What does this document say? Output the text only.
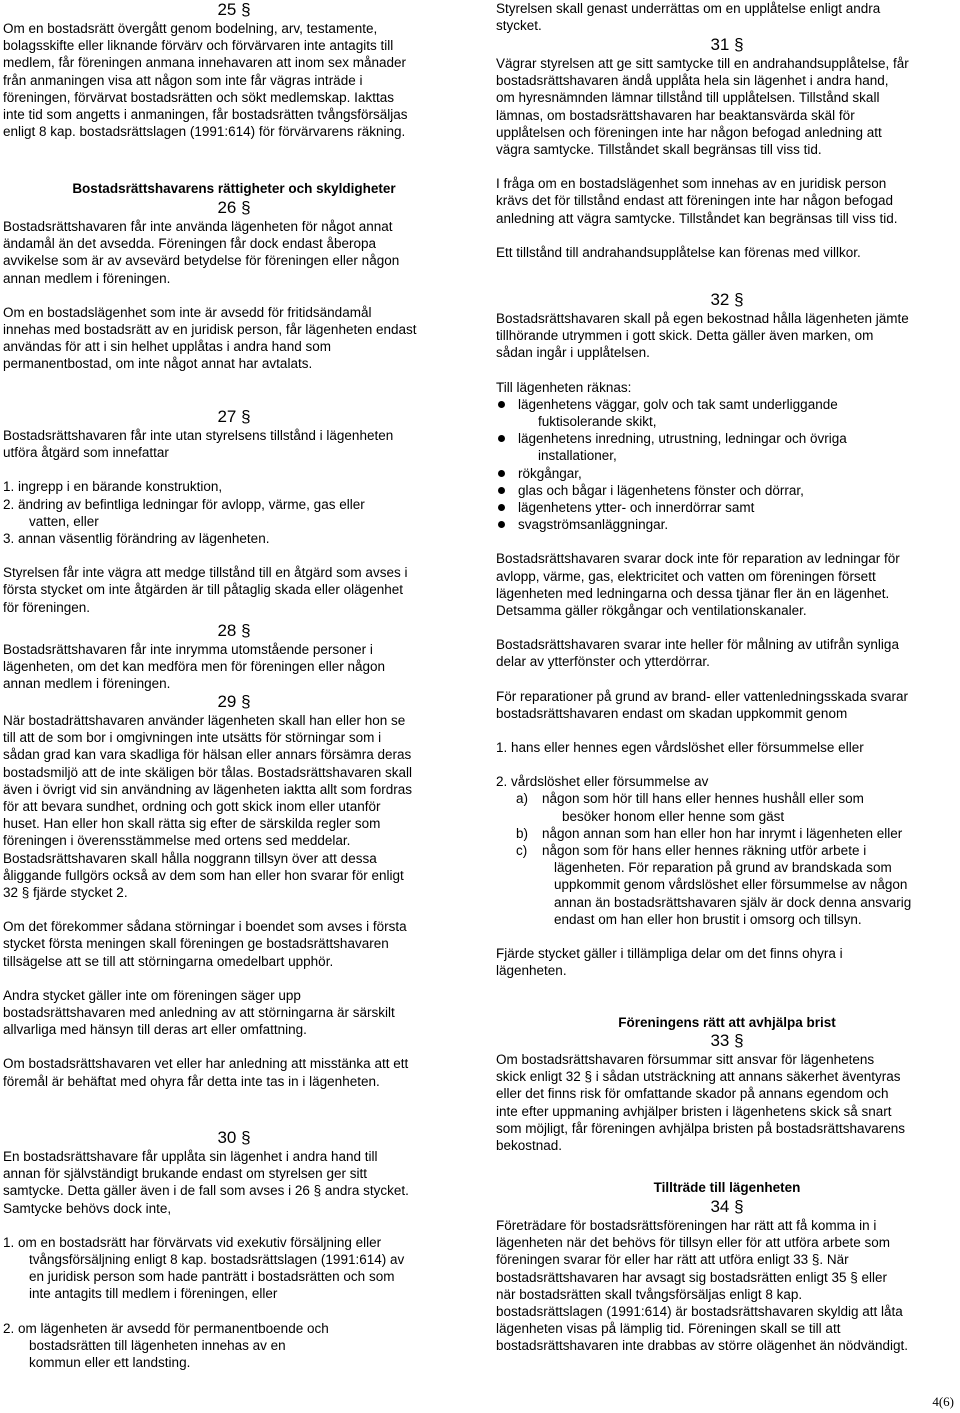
25 §
Om en bostadsrätt övergått genom bodelning, arv, testamente,
bolagsskifte eller liknande förvärv och förvärvaren inte antagits till
medlem, får föreningen anmana innehavaren att inom sex månader
från anmaningen visa att någon som inte får vägras inträde i
föreningen, förvärvat bostadsrätten och sökt medlemskap. Iakttas
inte tid som angetts i anmaningen, får bostadsrätten tvångsförsäljas
enligt 8 kap. bostadsrättslagen (1991:614) för förvärvarens räkning.
Bostadsrättshavarens rättigheter och skyldigheter
26 §
Bostadsrättshavaren får inte använda lägenheten för något annat
ändamål än det avsedda. Föreningen får dock endast åberopa
avvikelse som är av avsevärd betydelse för föreningen eller någon
annan medlem i föreningen.
Om en bostadslägenhet som inte är avsedd för fritidsändamål
innehas med bostadsrätt av en juridisk person, får lägenheten endast
användas för att i sin helhet upplåtas i andra hand som
permanentbostad, om inte något annat har avtalats.
27 §
Bostadsrättshavaren får inte utan styrelsens tillstånd i lägenheten
utföra åtgärd som innefattar
1. ingrepp i en bärande konstruktion,
2. ändring av befintliga ledningar för avlopp, värme, gas eller
vatten, eller
3. annan väsentlig förändring av lägenheten.
Styrelsen får inte vägra att medge tillstånd till en åtgärd som avses i
första stycket om inte åtgärden är till påtaglig skada eller olägenhet
för föreningen.
28 §
Bostadsrättshavaren får inte inrymma utomstående personer i
lägenheten, om det kan medföra men för föreningen eller någon
annan medlem i föreningen.
29 §
När bostadrättshavaren använder lägenheten skall han eller hon se
till att de som bor i omgivningen inte utsätts för störningar som i
sådan grad kan vara skadliga för hälsan eller annars försämra deras
bostadsmiljö att de inte skäligen bör tålas. Bostadsrättshavaren skall
även i övrigt vid sin användning av lägenheten iaktta allt som fordras
för att bevara sundhet, ordning och gott skick inom eller utanför
huset. Han eller hon skall rätta sig efter de särskilda regler som
föreningen i överensstämmelse med ortens sed meddelar.
Bostadsrättshavaren skall hålla noggrann tillsyn över att dessa
åliggande fullgörs också av dem som han eller hon svarar för enligt
32 § fjärde stycket 2.
Om det förekommer sådana störningar i boendet som avses i första
stycket första meningen skall föreningen ge bostadsrättshavaren
tillsägelse att se till att störningarna omedelbart upphör.
Andra stycket gäller inte om föreningen säger upp
bostadsrättshavaren med anledning av att störningarna är särskilt
allvarliga med hänsyn till deras art eller omfattning.
Om bostadsrättshavaren vet eller har anledning att misstänka att ett
föremål är behäftat med ohyra får detta inte tas in i lägenheten.
30 §
En bostadsrättshavare får upplåta sin lägenhet i andra hand till
annan för självständigt brukande endast om styrelsen ger sitt
samtycke. Detta gäller även i de fall som avses i 26 § andra stycket.
Samtycke behövs dock inte,
1. om en bostadsrätt har förvärvats vid exekutiv försäljning eller
tvångsförsäljning enligt 8 kap. bostadsrättslagen (1991:614) av
en juridisk person som hade panträtt i bostadsrätten och som
inte antagits till medlem i föreningen, eller
2. om lägenheten är avsedd för permanentboende och
bostadsrätten till lägenheten innehas av en
kommun eller ett landsting.
Styrelsen skall genast underrättas om en upplåtelse enligt andra
stycket.
31 §
Vägrar styrelsen att ge sitt samtycke till en andrahandsupplåtelse, får
bostadsrättshavaren ändå upplåta hela sin lägenhet i andra hand,
om hyresnämnden lämnar tillstånd till upplåtelsen. Tillstånd skall
lämnas, om bostadsrättshavaren har beaktansvärda skäl för
upplåtelsen och föreningen inte har någon befogad anledning att
vägra samtycke. Tillståndet skall begränsas till viss tid.
I fråga om en bostadslägenhet som innehas av en juridisk person
krävs det för tillstånd endast att föreningen inte har någon befogad
anledning att vägra samtycke. Tillståndet kan begränsas till viss tid.
Ett tillstånd till andrahandsupplåtelse kan förenas med villkor.
32 §
Bostadsrättshavaren skall på egen bekostnad hålla lägenheten jämte
tillhörande utrymmen i gott skick. Detta gäller även marken, om
sådan ingår i upplåtelsen.
Till lägenheten räknas:
lägenhetens väggar, golv och tak samt underliggande
fuktisolerande skikt,
lägenhetens inredning, utrustning, ledningar och övriga
installationer,
rökgångar,
glas och bågar i lägenhetens fönster och dörrar,
lägenhetens ytter- och innerdörrar samt
svagströmsanläggningar.
Bostadsrättshavaren svarar dock inte för reparation av ledningar för
avlopp, värme, gas, elektricitet och vatten om föreningen försett
lägenheten med ledningarna och dessa tjänar fler än en lägenhet.
Detsamma gäller rökgångar och ventilationskanaler.
Bostadsrättshavaren svarar inte heller för målning av utifrån synliga
delar av ytterfönster och ytterdörrar.
För reparationer på grund av brand- eller vattenledningsskada svarar
bostadsrättshavaren endast om skadan uppkommit genom
1. hans eller hennes egen vårdslöshet eller försummelse eller
2. vårdslöshet eller försummelse av
a) någon som hör till hans eller hennes hushåll eller som
besöker honom eller henne som gäst
b) någon annan som han eller hon har inrymt i lägenheten eller
c) någon som för hans eller hennes räkning utför arbete i
lägenheten. För reparation på grund av brandskada som
uppkommit genom vårdslöshet eller försummelse av någon
annan än bostadsrättshavaren själv är dock denna ansvarig
endast om han eller hon brustit i omsorg och tillsyn.
Fjärde stycket gäller i tillämpliga delar om det finns ohyra i
lägenheten.
Föreningens rätt att avhjälpa brist
33 §
Om bostadsrättshavaren försummar sitt ansvar för lägenhetens
skick enligt 32 § i sådan utsträckning att annans säkerhet äventyras
eller det finns risk för omfattande skador på annans egendom och
inte efter uppmaning avhjälper bristen i lägenhetens skick så snart
som möjligt, får föreningen avhjälpa bristen på bostadsrättshavarens
bekostnad.
Tillträde till lägenheten
34 §
Företrädare för bostadsrättsföreningen har rätt att få komma in i
lägenheten när det behövs för tillsyn eller för att utföra arbete som
föreningen svarar för eller har rätt att utföra enligt 33 §. När
bostadsrättshavaren har avsagt sig bostadsrätten enligt 35 § eller
när bostadsrätten skall tvångsförsäljas enligt 8 kap.
bostadsrättslagen (1991:614) är bostadsrättshavaren skyldig att låta
lägenheten visas på lämplig tid. Föreningen skall se till att
bostadsrättshavaren inte drabbas av större olägenhet än nödvändigt.
4(6)
